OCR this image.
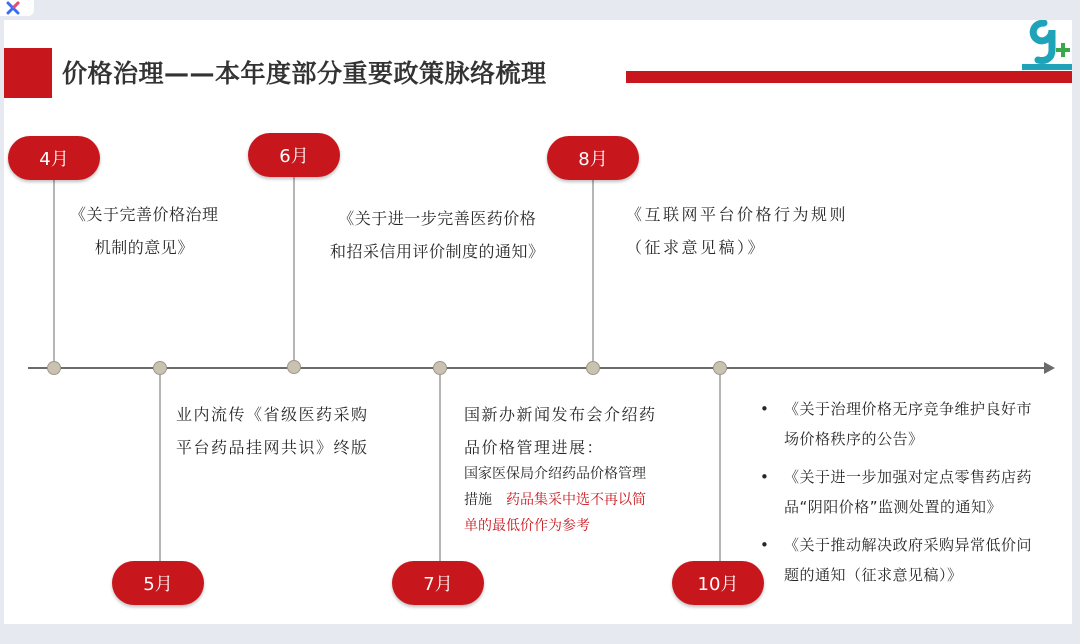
价格治理——本年度部分重要政策脉络梳理
4月	6月	8月
5月	7月	10月
《关于完善价格治理
机制的意见》
《关于进一步完善医药价格
和招采信用评价制度的通知》
《互联网平台价格行为规则
（征求意见稿）》
业内流传《省级医药采购
平台药品挂网共识》终版
国新办新闻发布会介绍药
品价格管理进展：
国家医保局介绍药品价格管理
措施 药品集采中选不再以简
单的最低价作为参考
• 《关于治理价格无序竞争维护良好市
场价格秩序的公告》
• 《关于进一步加强对定点零售药店药
品“阴阳价格”监测处置的通知》
• 《关于推动解决政府采购异常低价问
题的通知（征求意见稿）》
